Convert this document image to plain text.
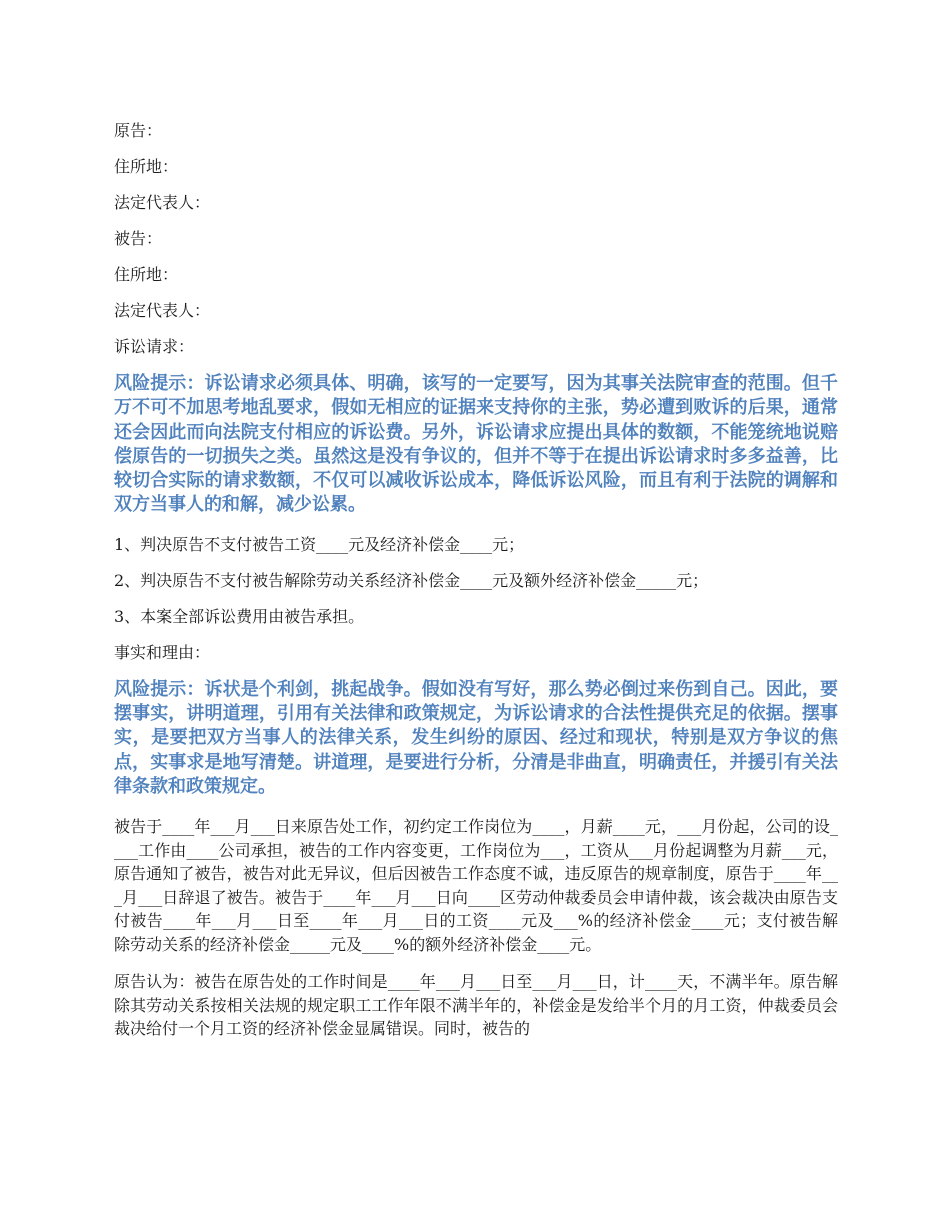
原告：
住所地：
法定代表人：
被告：
住所地：
法定代表人：
诉讼请求：
风险提示：诉讼请求必须具体、明确，该写的一定要写，因为其事关法院审查的范围。但千万不可不加思考地乱要求，假如无相应的证据来支持你的主张，势必遭到败诉的后果，通常还会因此而向法院支付相应的诉讼费。另外，诉讼请求应提出具体的数额，不能笼统地说赔偿原告的一切损失之类。虽然这是没有争议的，但并不等于在提出诉讼请求时多多益善，比较切合实际的请求数额，不仅可以减收诉讼成本，降低诉讼风险，而且有利于法院的调解和双方当事人的和解，减少讼累。
1、判决原告不支付被告工资____元及经济补偿金____元；
2、判决原告不支付被告解除劳动关系经济补偿金____元及额外经济补偿金_____元；
3、本案全部诉讼费用由被告承担。
事实和理由：
风险提示：诉状是个利剑，挑起战争。假如没有写好，那么势必倒过来伤到自己。因此，要摆事实，讲明道理，引用有关法律和政策规定，为诉讼请求的合法性提供充足的依据。摆事实，是要把双方当事人的法律关系，发生纠纷的原因、经过和现状，特别是双方争议的焦点，实事求是地写清楚。讲道理，是要进行分析，分清是非曲直，明确责任，并援引有关法律条款和政策规定。
被告于____年___月___日来原告处工作，初约定工作岗位为____，月薪____元，___月份起，公司的设____工作由____公司承担，被告的工作内容变更，工作岗位为___，工资从___月份起调整为月薪___元，原告通知了被告，被告对此无异议，但后因被告工作态度不诚，违反原告的规章制度，原告于____年___月___日辞退了被告。被告于____年___月___日向____区劳动仲裁委员会申请仲裁，该会裁决由原告支付被告____年___月___日至____年___月___日的工资____元及___%的经济补偿金____元；支付被告解除劳动关系的经济补偿金_____元及____%的额外经济补偿金____元。
原告认为：被告在原告处的工作时间是____年___月___日至___月___日，计____天，不满半年。原告解除其劳动关系按相关法规的规定职工工作年限不满半年的，补偿金是发给半个月的月工资，仲裁委员会裁决给付一个月工资的经济补偿金显属错误。同时，被告的
